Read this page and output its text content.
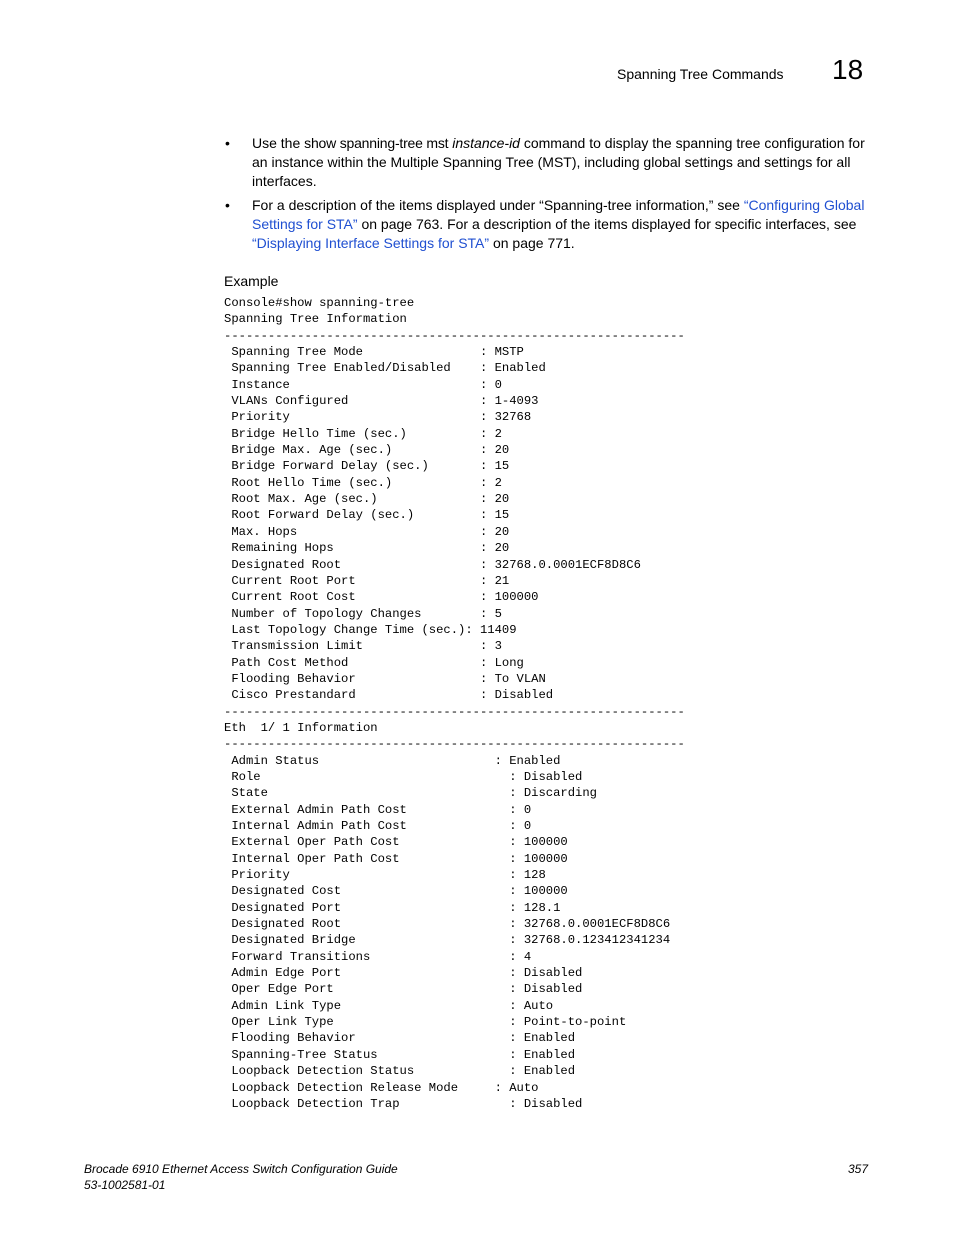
Spanning Tree Commands 18
• Use the show spanning-tree mst instance-id command to display the spanning tree configuration for an instance within the Multiple Spanning Tree (MST), including global settings and settings for all interfaces.
• For a description of the items displayed under “Spanning-tree information,” see “Configuring Global Settings for STA” on page 763. For a description of the items displayed for specific interfaces, see “Displaying Interface Settings for STA” on page 771.
Example
Console#show spanning-tree
Spanning Tree Information
---------------------------------------------------------------
Spanning Tree Mode                : MSTP
Spanning Tree Enabled/Disabled    : Enabled
Instance                          : 0
VLANs Configured                  : 1-4093
Priority                          : 32768
Bridge Hello Time (sec.)          : 2
Bridge Max. Age (sec.)            : 20
Bridge Forward Delay (sec.)       : 15
Root Hello Time (sec.)            : 2
Root Max. Age (sec.)              : 20
Root Forward Delay (sec.)         : 15
Max. Hops                         : 20
Remaining Hops                    : 20
Designated Root                   : 32768.0.0001ECF8D8C6
Current Root Port                 : 21
Current Root Cost                 : 100000
Number of Topology Changes        : 5
Last Topology Change Time (sec.): 11409
Transmission Limit                : 3
Path Cost Method                  : Long
Flooding Behavior                 : To VLAN
Cisco Prestandard                 : Disabled
---------------------------------------------------------------
Eth  1/ 1 Information
---------------------------------------------------------------
Admin Status                        : Enabled
Role                                  : Disabled
State                                 : Discarding
External Admin Path Cost              : 0
Internal Admin Path Cost              : 0
External Oper Path Cost               : 100000
Internal Oper Path Cost               : 100000
Priority                              : 128
Designated Cost                       : 100000
Designated Port                       : 128.1
Designated Root                       : 32768.0.0001ECF8D8C6
Designated Bridge                     : 32768.0.123412341234
Forward Transitions                   : 4
Admin Edge Port                       : Disabled
Oper Edge Port                        : Disabled
Admin Link Type                       : Auto
Oper Link Type                        : Point-to-point
Flooding Behavior                     : Enabled
Spanning-Tree Status                  : Enabled
Loopback Detection Status             : Enabled
Loopback Detection Release Mode     : Auto
Loopback Detection Trap               : Disabled
Brocade 6910 Ethernet Access Switch Configuration Guide
53-1002581-01
357
